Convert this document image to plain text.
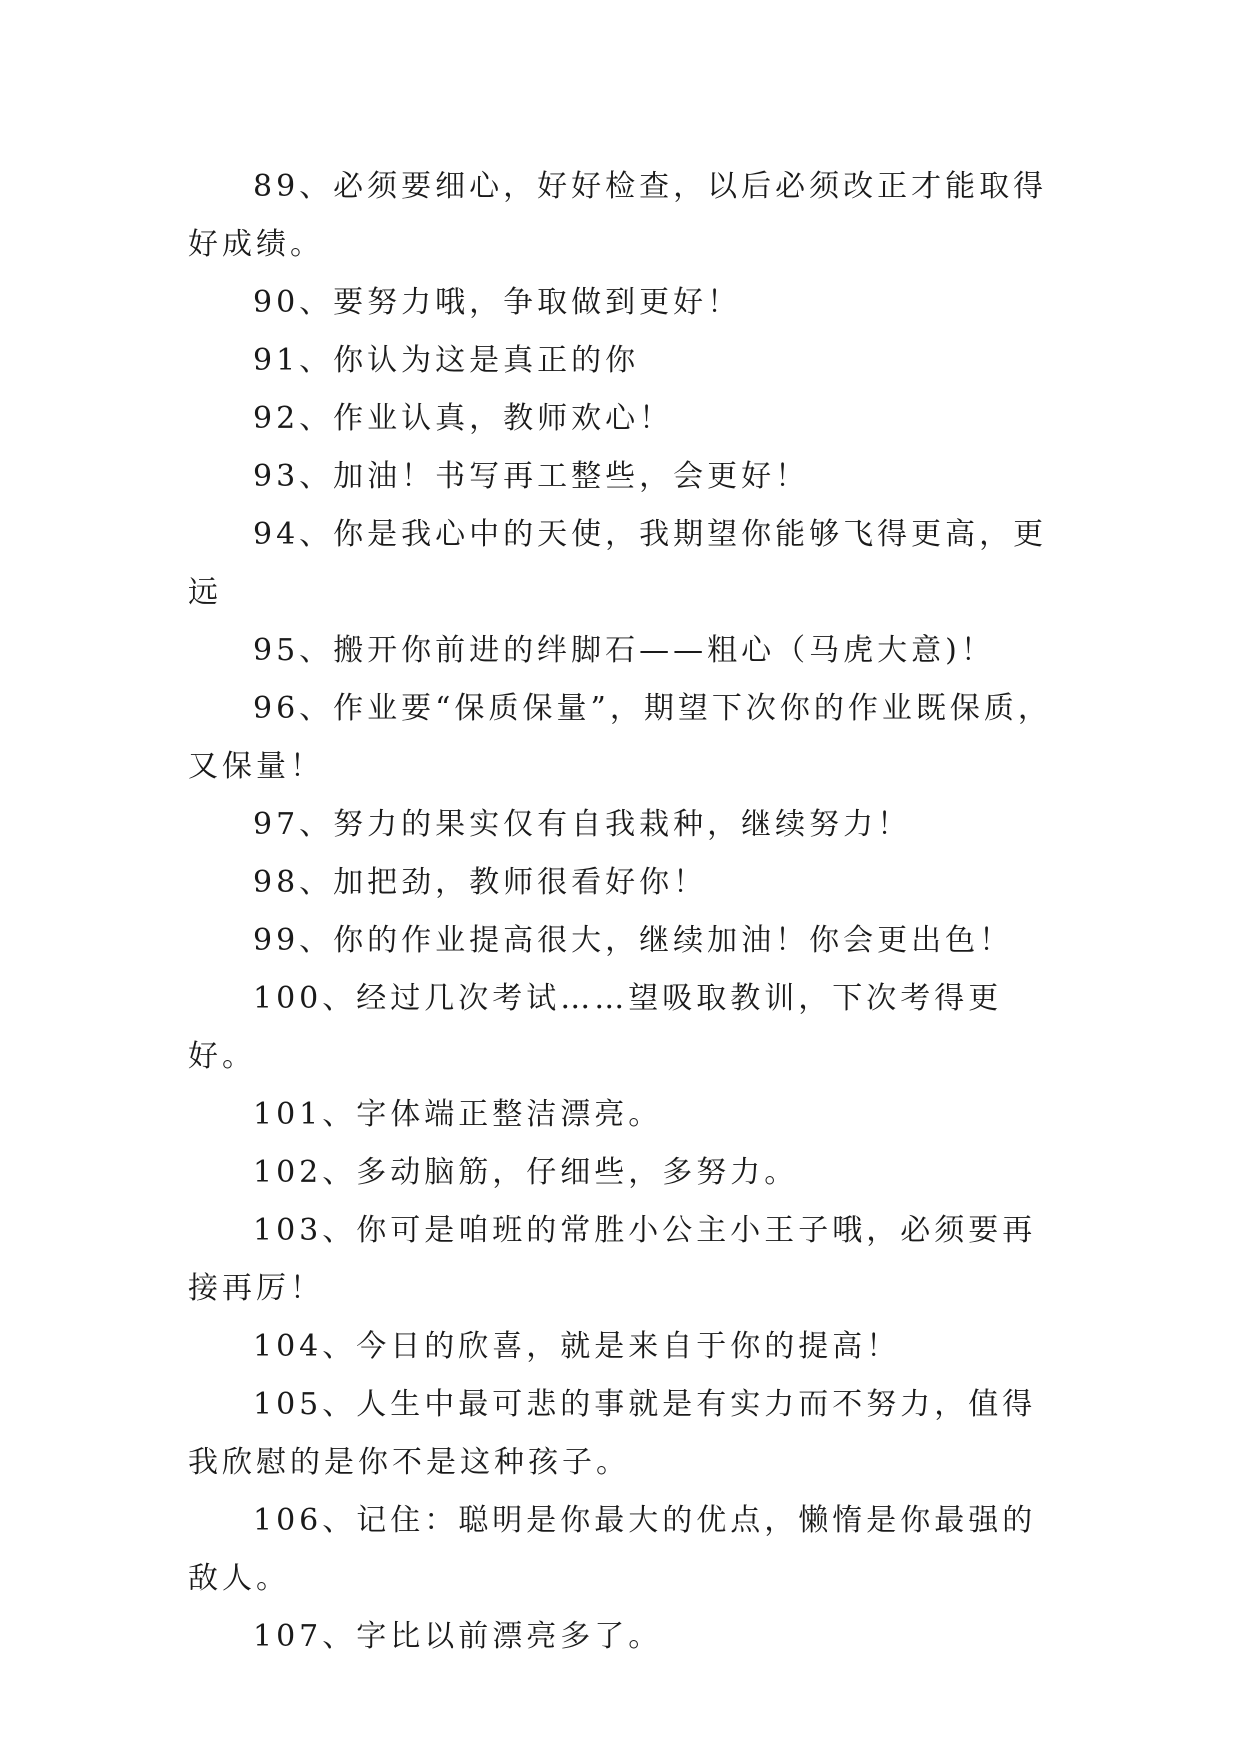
89、必须要细心，好好检查，以后必须改正才能取得好成绩。

90、要努力哦，争取做到更好！

91、你认为这是真正的你

92、作业认真，教师欢心！

93、加油！书写再工整些，会更好！

94、你是我心中的天使，我期望你能够飞得更高，更远

95、搬开你前进的绊脚石——粗心（马虎大意)！

96、作业要“保质保量”，期望下次你的作业既保质，又保量！

97、努力的果实仅有自我栽种，继续努力！

98、加把劲，教师很看好你！

99、你的作业提高很大，继续加油！你会更出色！

100、经过几次考试……望吸取教训，下次考得更好。

101、字体端正整洁漂亮。

102、多动脑筋，仔细些，多努力。

103、你可是咱班的常胜小公主小王子哦，必须要再接再厉！

104、今日的欣喜，就是来自于你的提高！

105、人生中最可悲的事就是有实力而不努力，值得我欣慰的是你不是这种孩子。

106、记住：聪明是你最大的优点，懒惰是你最强的敌人。

107、字比以前漂亮多了。
